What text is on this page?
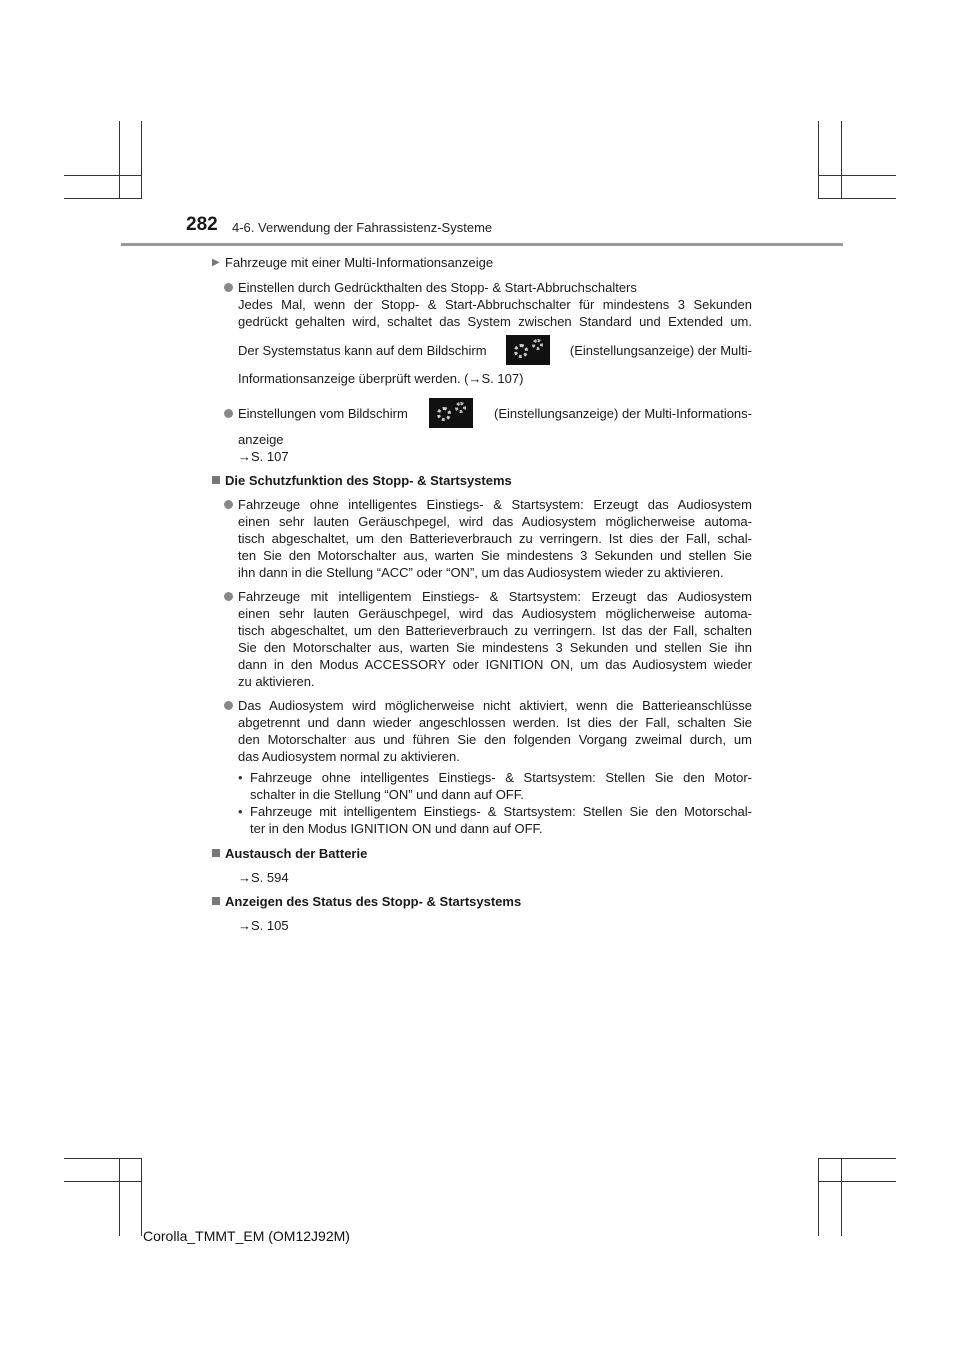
282 4-6. Verwendung der Fahrassistenz-Systeme
▶ Fahrzeuge mit einer Multi-Informationsanzeige
Einstellen durch Gedrückthalten des Stopp- & Start-Abbruchschalters
Jedes Mal, wenn der Stopp- & Start-Abbruchschalter für mindestens 3 Sekunden
gedrückt gehalten wird, schaltet das System zwischen Standard und Extended um.
Der Systemstatus kann auf dem Bildschirm	(Einstellungsanzeige) der Multi-
Informationsanzeige überprüft werden. (→S. 107)
Einstellungen vom Bildschirm	(Einstellungsanzeige) der Multi-Informations-
anzeige
→S. 107
Die Schutzfunktion des Stopp- & Startsystems
Fahrzeuge ohne intelligentes Einstiegs- & Startsystem: Erzeugt das Audiosystem
einen sehr lauten Geräuschpegel, wird das Audiosystem möglicherweise automa-
tisch abgeschaltet, um den Batterieverbrauch zu verringern. Ist dies der Fall, schal-
ten Sie den Motorschalter aus, warten Sie mindestens 3 Sekunden und stellen Sie
ihn dann in die Stellung “ACC” oder “ON”, um das Audiosystem wieder zu aktivieren.
Fahrzeuge mit intelligentem Einstiegs- & Startsystem: Erzeugt das Audiosystem
einen sehr lauten Geräuschpegel, wird das Audiosystem möglicherweise automa-
tisch abgeschaltet, um den Batterieverbrauch zu verringern. Ist das der Fall, schalten
Sie den Motorschalter aus, warten Sie mindestens 3 Sekunden und stellen Sie ihn
dann in den Modus ACCESSORY oder IGNITION ON, um das Audiosystem wieder
zu aktivieren.
Das Audiosystem wird möglicherweise nicht aktiviert, wenn die Batterieanschlüsse
abgetrennt und dann wieder angeschlossen werden. Ist dies der Fall, schalten Sie
den Motorschalter aus und führen Sie den folgenden Vorgang zweimal durch, um
das Audiosystem normal zu aktivieren.
• Fahrzeuge ohne intelligentes Einstiegs- & Startsystem: Stellen Sie den Motor-
schalter in die Stellung “ON” und dann auf OFF.
• Fahrzeuge mit intelligentem Einstiegs- & Startsystem: Stellen Sie den Motorschal-
ter in den Modus IGNITION ON und dann auf OFF.
Austausch der Batterie
→S. 594
Anzeigen des Status des Stopp- & Startsystems
→S. 105
Corolla_TMMT_EM (OM12J92M)
